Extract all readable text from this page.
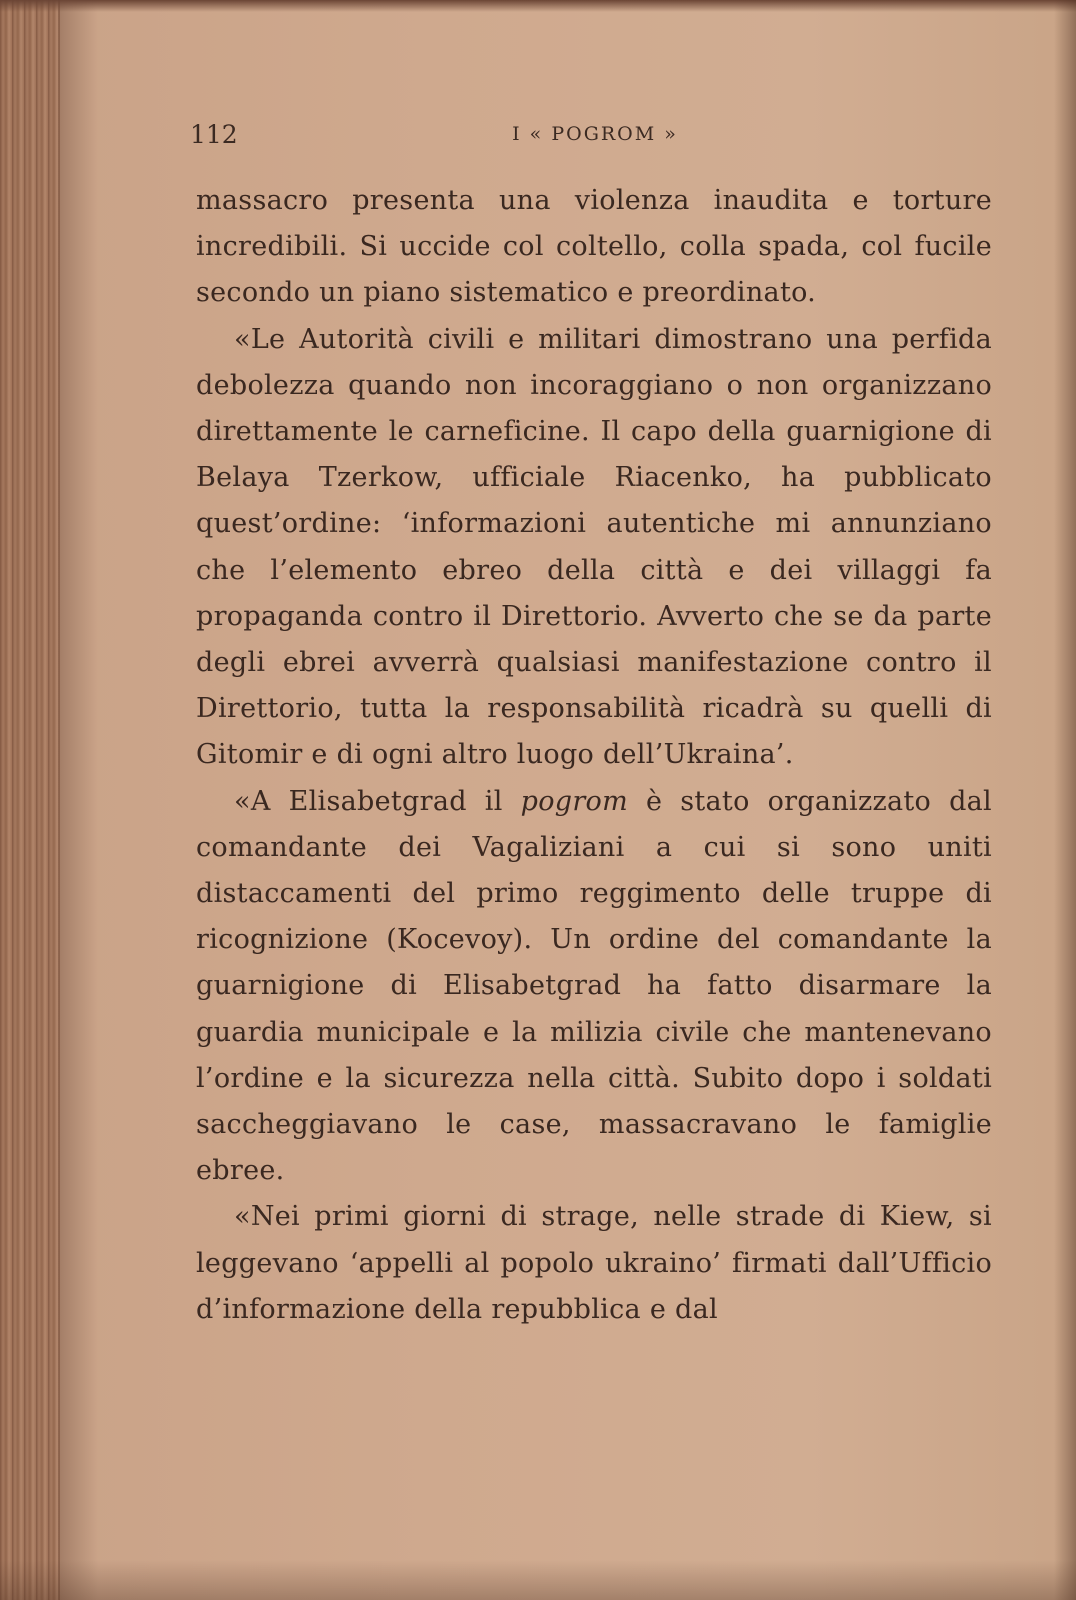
112	I « POGROM »

massacro presenta una violenza inaudita e torture incredibili. Si uccide col coltello, colla spada, col fucile secondo un piano sistematico e preordinato.

«Le Autorità civili e militari dimostrano una perfida debolezza quando non incoraggiano o non organizzano direttamente le carneficine. Il capo della guarnigione di Belaya Tzerkow, ufficiale Riacenko, ha pubblicato quest’ordine: ‘informazioni autentiche mi annunziano che l’elemento ebreo della città e dei villaggi fa propaganda contro il Direttorio. Avverto che se da parte degli ebrei avverrà qualsiasi manifestazione contro il Direttorio, tutta la responsabilità ricadrà su quelli di Gitomir e di ogni altro luogo dell’Ukraina’.

«A Elisabetgrad il pogrom è stato organizzato dal comandante dei Vagaliziani a cui si sono uniti distaccamenti del primo reggimento delle truppe di ricognizione (Kocevoy). Un ordine del comandante la guarnigione di Elisabetgrad ha fatto disarmare la guardia municipale e la milizia civile che mantenevano l’ordine e la sicurezza nella città. Subito dopo i soldati saccheggiavano le case, massacravano le famiglie ebree.

«Nei primi giorni di strage, nelle strade di Kiew, si leggevano ‘appelli al popolo ukraino’ firmati dall’Ufficio d’informazione della repubblica e dal
